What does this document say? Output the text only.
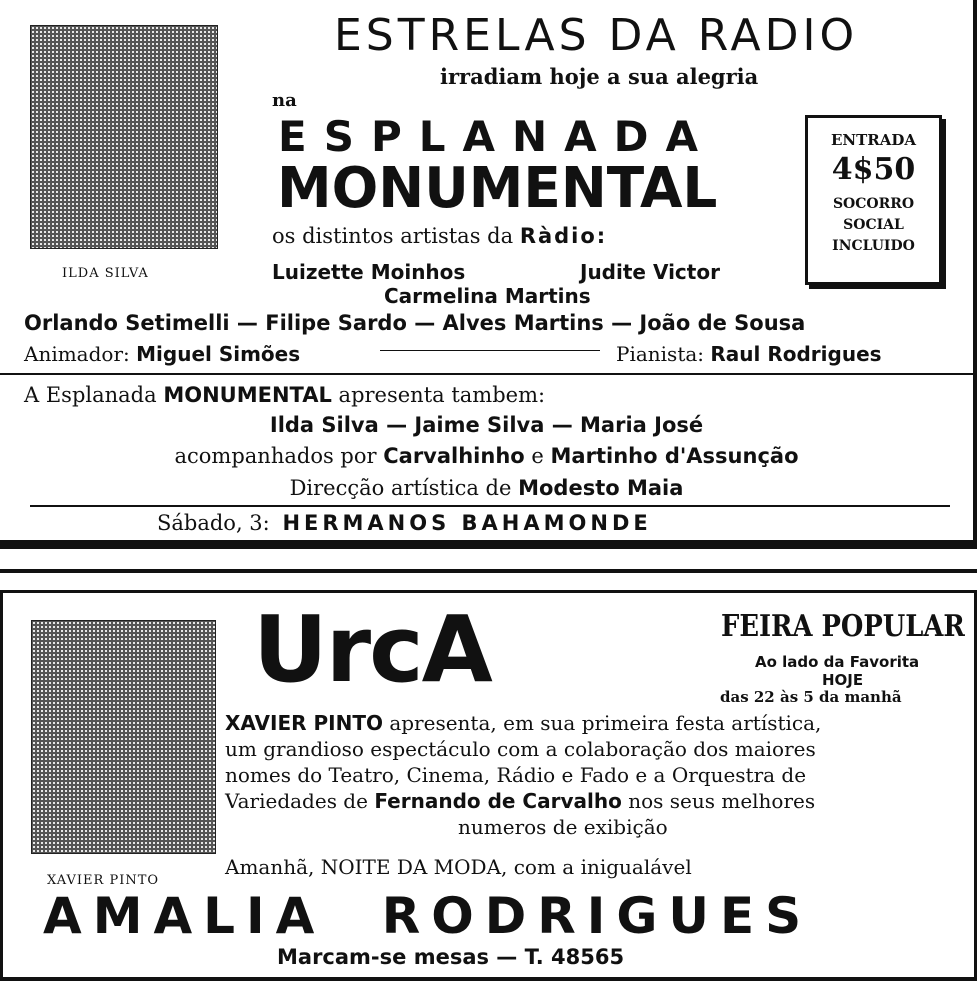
ILDA SILVA
ESTRELAS DA RADIO
irradiam hoje a sua alegria
na
ESPLANADA
MONUMENTAL
os distintos artistas da Ràdio:
ENTRADA
4$50
SOCORRO
SOCIAL
INCLUIDO
Luizette Moinhos	Judite Victor
Carmelina Martins
Orlando Setimelli — Filipe Sardo — Alves Martins — João de Sousa
Animador: Miguel Simões	Pianista: Raul Rodrigues
A Esplanada MONUMENTAL apresenta tambem:
Ilda Silva — Jaime Silva — Maria José
acompanhados por Carvalhinho e Martinho d'Assunção
Direcção artística de Modesto Maia
Sábado, 3: HERMANOS BAHAMONDE
XAVIER PINTO
UrcA	FEIRA POPULAR
Ao lado da Favorita
HOJE
das 22 às 5 da manhã
XAVIER PINTO apresenta, em sua primeira festa artística,
um grandioso espectáculo com a colaboração dos maiores
nomes do Teatro, Cinema, Rádio e Fado e a Orquestra de
Variedades de Fernando de Carvalho nos seus melhores
numeros de exibição
Amanhã, NOITE DA MODA, com a inigualável
AMALIA RODRIGUES
Marcam-se mesas — T. 48565
